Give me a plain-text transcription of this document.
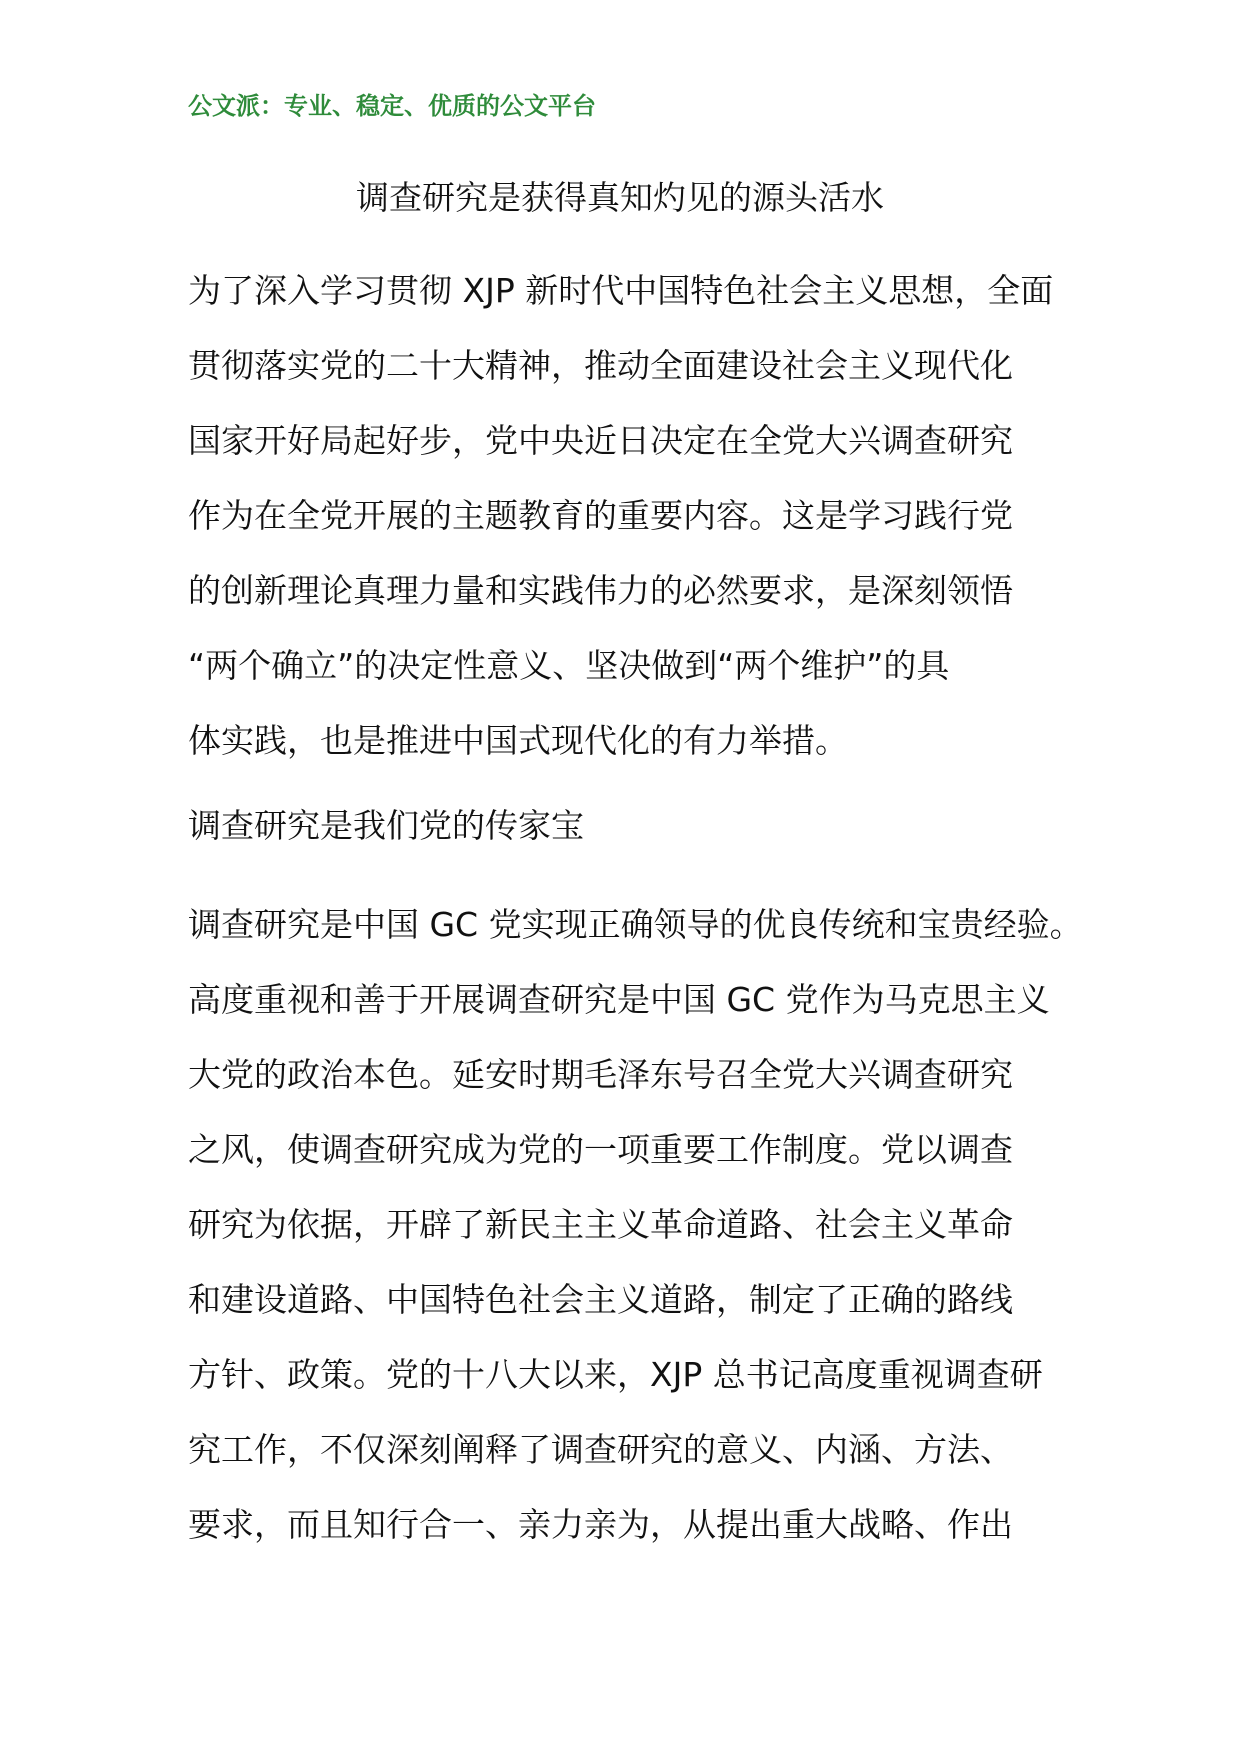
公文派：专业、稳定、优质的公文平台
调查研究是获得真知灼见的源头活水
为了深入学习贯彻 XJP 新时代中国特色社会主义思想，全面
贯彻落实党的二十大精神，推动全面建设社会主义现代化
国家开好局起好步，党中央近日决定在全党大兴调查研究
作为在全党开展的主题教育的重要内容。这是学习践行党
的创新理论真理力量和实践伟力的必然要求，是深刻领悟
“两个确立”的决定性意义、坚决做到“两个维护”的具
体实践，也是推进中国式现代化的有力举措。
调查研究是我们党的传家宝
调查研究是中国 GC 党实现正确领导的优良传统和宝贵经验。
高度重视和善于开展调查研究是中国 GC 党作为马克思主义
大党的政治本色。延安时期毛泽东号召全党大兴调查研究
之风，使调查研究成为党的一项重要工作制度。党以调查
研究为依据，开辟了新民主主义革命道路、社会主义革命
和建设道路、中国特色社会主义道路，制定了正确的路线
方针、政策。党的十八大以来，XJP 总书记高度重视调查研
究工作，不仅深刻阐释了调查研究的意义、内涵、方法、
要求，而且知行合一、亲力亲为，从提出重大战略、作出
